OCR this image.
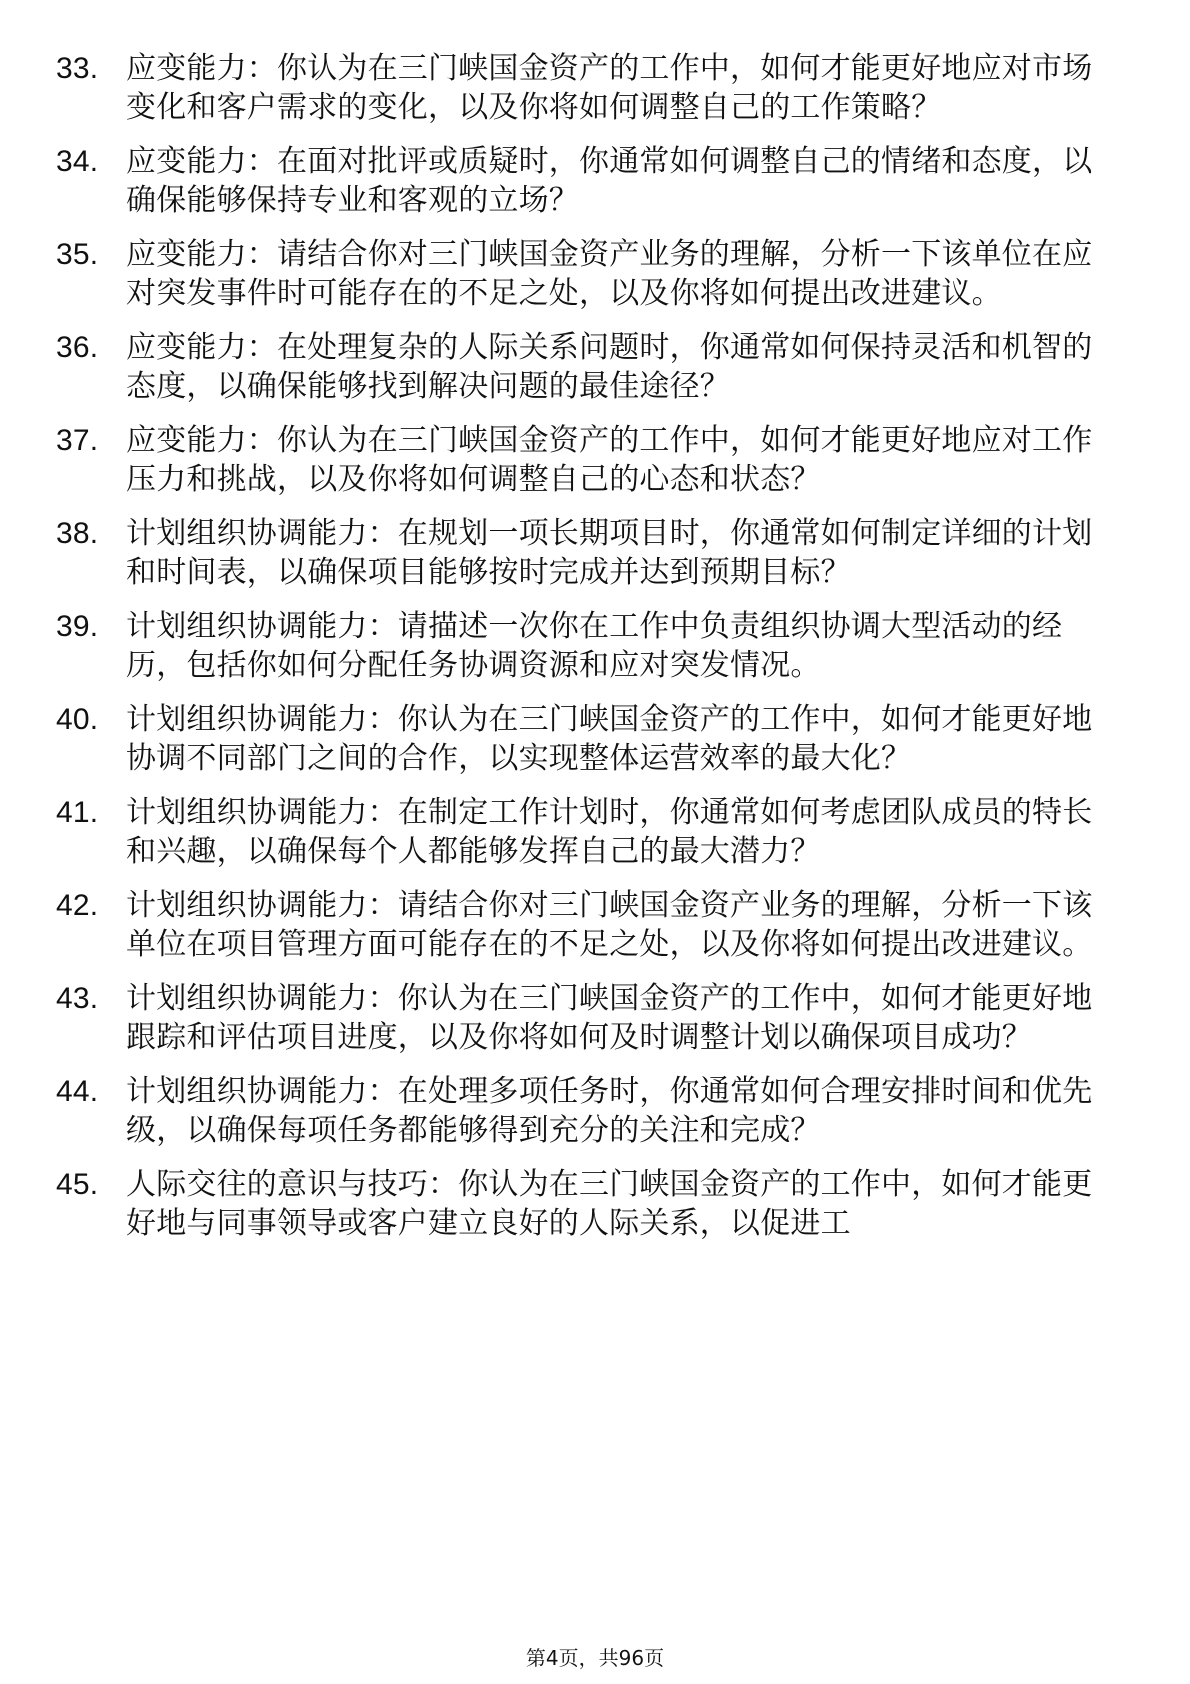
33. 应变能力：你认为在三门峡国金资产的工作中，如何才能更好地应对市场变化和客户需求的变化，以及你将如何调整自己的工作策略？
34. 应变能力：在面对批评或质疑时，你通常如何调整自己的情绪和态度，以确保能够保持专业和客观的立场？
35. 应变能力：请结合你对三门峡国金资产业务的理解，分析一下该单位在应对突发事件时可能存在的不足之处，以及你将如何提出改进建议。
36. 应变能力：在处理复杂的人际关系问题时，你通常如何保持灵活和机智的态度，以确保能够找到解决问题的最佳途径？
37. 应变能力：你认为在三门峡国金资产的工作中，如何才能更好地应对工作压力和挑战，以及你将如何调整自己的心态和状态？
38. 计划组织协调能力：在规划一项长期项目时，你通常如何制定详细的计划和时间表，以确保项目能够按时完成并达到预期目标？
39. 计划组织协调能力：请描述一次你在工作中负责组织协调大型活动的经历，包括你如何分配任务协调资源和应对突发情况。
40. 计划组织协调能力：你认为在三门峡国金资产的工作中，如何才能更好地协调不同部门之间的合作，以实现整体运营效率的最大化？
41. 计划组织协调能力：在制定工作计划时，你通常如何考虑团队成员的特长和兴趣，以确保每个人都能够发挥自己的最大潜力？
42. 计划组织协调能力：请结合你对三门峡国金资产业务的理解，分析一下该单位在项目管理方面可能存在的不足之处，以及你将如何提出改进建议。
43. 计划组织协调能力：你认为在三门峡国金资产的工作中，如何才能更好地跟踪和评估项目进度，以及你将如何及时调整计划以确保项目成功？
44. 计划组织协调能力：在处理多项任务时，你通常如何合理安排时间和优先级，以确保每项任务都能够得到充分的关注和完成？
45. 人际交往的意识与技巧：你认为在三门峡国金资产的工作中，如何才能更好地与同事领导或客户建立良好的人际关系，以促进工
第4页，共96页
